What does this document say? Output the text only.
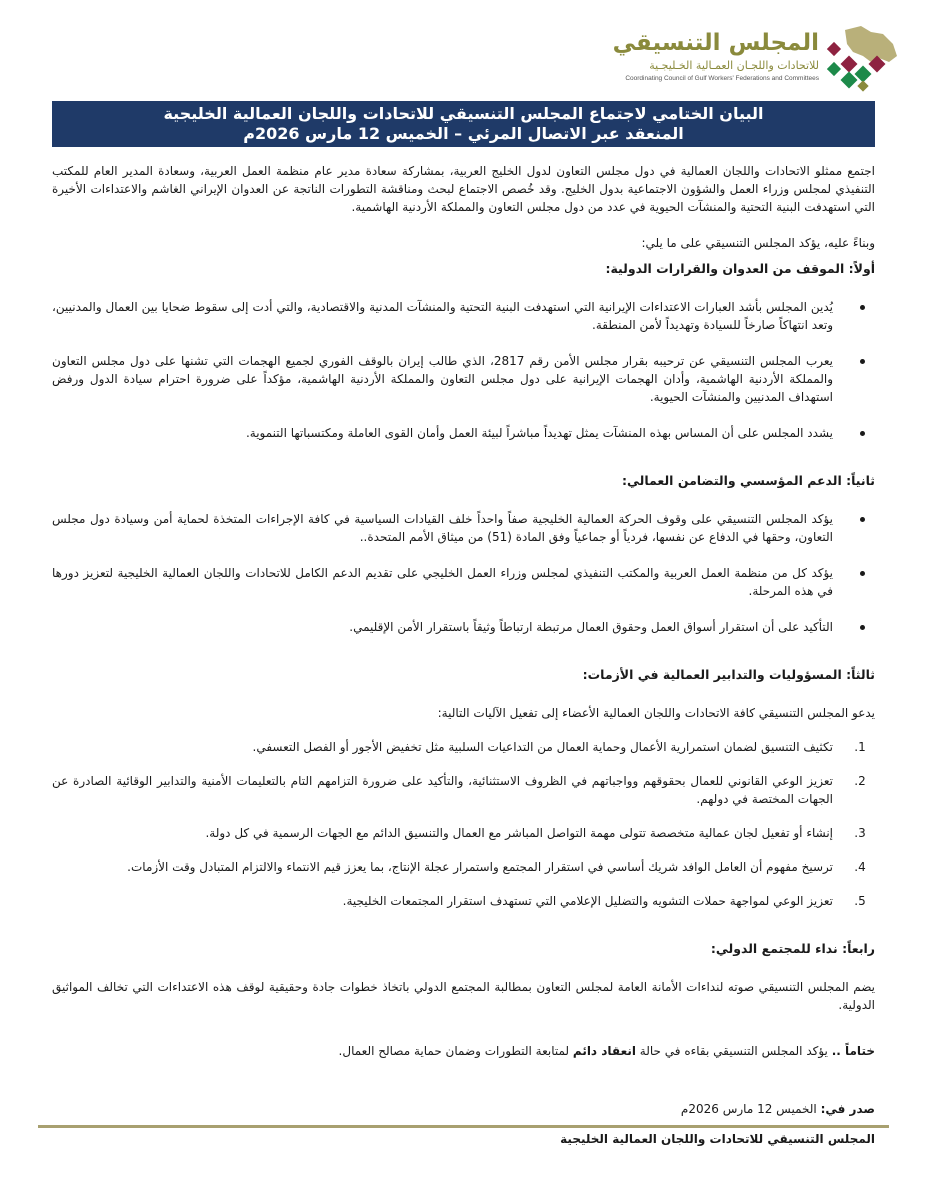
المجلس التنسيقي
للاتحادات واللجـان العمـالية الخـليجـية
Coordinating Council of Gulf Workers' Federations and Committees
البيان الختامي لاجتماع المجلس التنسيقي للاتحادات واللجان العمالية الخليجية
المنعقد عبر الاتصال المرئي – الخميس 12 مارس 2026م

اجتمع ممثلو الاتحادات واللجان العمالية في دول مجلس التعاون لدول الخليج العربية، بمشاركة سعادة مدير عام منظمة العمل العربية، وسعادة المدير العام للمكتب التنفيذي لمجلس وزراء العمل والشؤون الاجتماعية بدول الخليج. وقد خُصص الاجتماع لبحث ومناقشة التطورات الناتجة عن العدوان الإيراني الغاشم والاعتداءات الأخيرة التي استهدفت البنية التحتية والمنشآت الحيوية في عدد من دول مجلس التعاون والمملكة الأردنية الهاشمية.

وبناءً عليه، يؤكد المجلس التنسيقي على ما يلي:

أولاً: الموقف من العدوان والقرارات الدولية:

يُدين المجلس بأشد العبارات الاعتداءات الإيرانية التي استهدفت البنية التحتية والمنشآت المدنية والاقتصادية، والتي أدت إلى سقوط ضحايا بين العمال والمدنيين، وتعد انتهاكاً صارخاً للسيادة وتهديداً لأمن المنطقة.
يعرب المجلس التنسيقي عن ترحيبه بقرار مجلس الأمن رقم 2817، الذي طالب إيران بالوقف الفوري لجميع الهجمات التي تشنها على دول مجلس التعاون والمملكة الأردنية الهاشمية، وأدان الهجمات الإيرانية على دول مجلس التعاون والمملكة الأردنية الهاشمية، مؤكداً على ضرورة احترام سيادة الدول ورفض استهداف المدنيين والمنشآت الحيوية.
يشدد المجلس على أن المساس بهذه المنشآت يمثل تهديداً مباشراً لبيئة العمل وأمان القوى العاملة ومكتسباتها التنموية.

ثانياً: الدعم المؤسسي والتضامن العمالي:

يؤكد المجلس التنسيقي على وقوف الحركة العمالية الخليجية صفاً واحداً خلف القيادات السياسية في كافة الإجراءات المتخذة لحماية أمن وسيادة دول مجلس التعاون، وحقها في الدفاع عن نفسها، فردياً أو جماعياً وفق المادة (51) من ميثاق الأمم المتحدة..
يؤكد كل من منظمة العمل العربية والمكتب التنفيذي لمجلس وزراء العمل الخليجي على تقديم الدعم الكامل للاتحادات واللجان العمالية الخليجية لتعزيز دورها في هذه المرحلة.
التأكيد على أن استقرار أسواق العمل وحقوق العمال مرتبطة ارتباطاً وثيقاً باستقرار الأمن الإقليمي.

ثالثاً: المسؤوليات والتدابير العمالية في الأزمات:

يدعو المجلس التنسيقي كافة الاتحادات واللجان العمالية الأعضاء إلى تفعيل الآليات التالية:

1.
تكثيف التنسيق لضمان استمرارية الأعمال وحماية العمال من التداعيات السلبية مثل تخفيض الأجور أو الفصل التعسفي.
2.
تعزيز الوعي القانوني للعمال بحقوقهم وواجباتهم في الظروف الاستثنائية، والتأكيد على ضرورة التزامهم التام بالتعليمات الأمنية والتدابير الوقائية الصادرة عن الجهات المختصة في دولهم.
3.
إنشاء أو تفعيل لجان عمالية متخصصة تتولى مهمة التواصل المباشر مع العمال والتنسيق الدائم مع الجهات الرسمية في كل دولة.
4.
ترسيخ مفهوم أن العامل الوافد شريك أساسي في استقرار المجتمع واستمرار عجلة الإنتاج، بما يعزز قيم الانتماء والالتزام المتبادل وقت الأزمات.
5.
تعزيز الوعي لمواجهة حملات التشويه والتضليل الإعلامي التي تستهدف استقرار المجتمعات الخليجية.

رابعاً: نداء للمجتمع الدولي:

يضم المجلس التنسيقي صوته لنداءات الأمانة العامة لمجلس التعاون بمطالبة المجتمع الدولي باتخاذ خطوات جادة وحقيقية لوقف هذه الاعتداءات التي تخالف المواثيق الدولية.

ختاماً .. يؤكد المجلس التنسيقي بقاءه في حالة انعقاد دائم لمتابعة التطورات وضمان حماية مصالح العمال.

صدر في: الخميس 12 مارس 2026م

المجلس التنسيقي للاتحادات واللجان العمالية الخليجية
